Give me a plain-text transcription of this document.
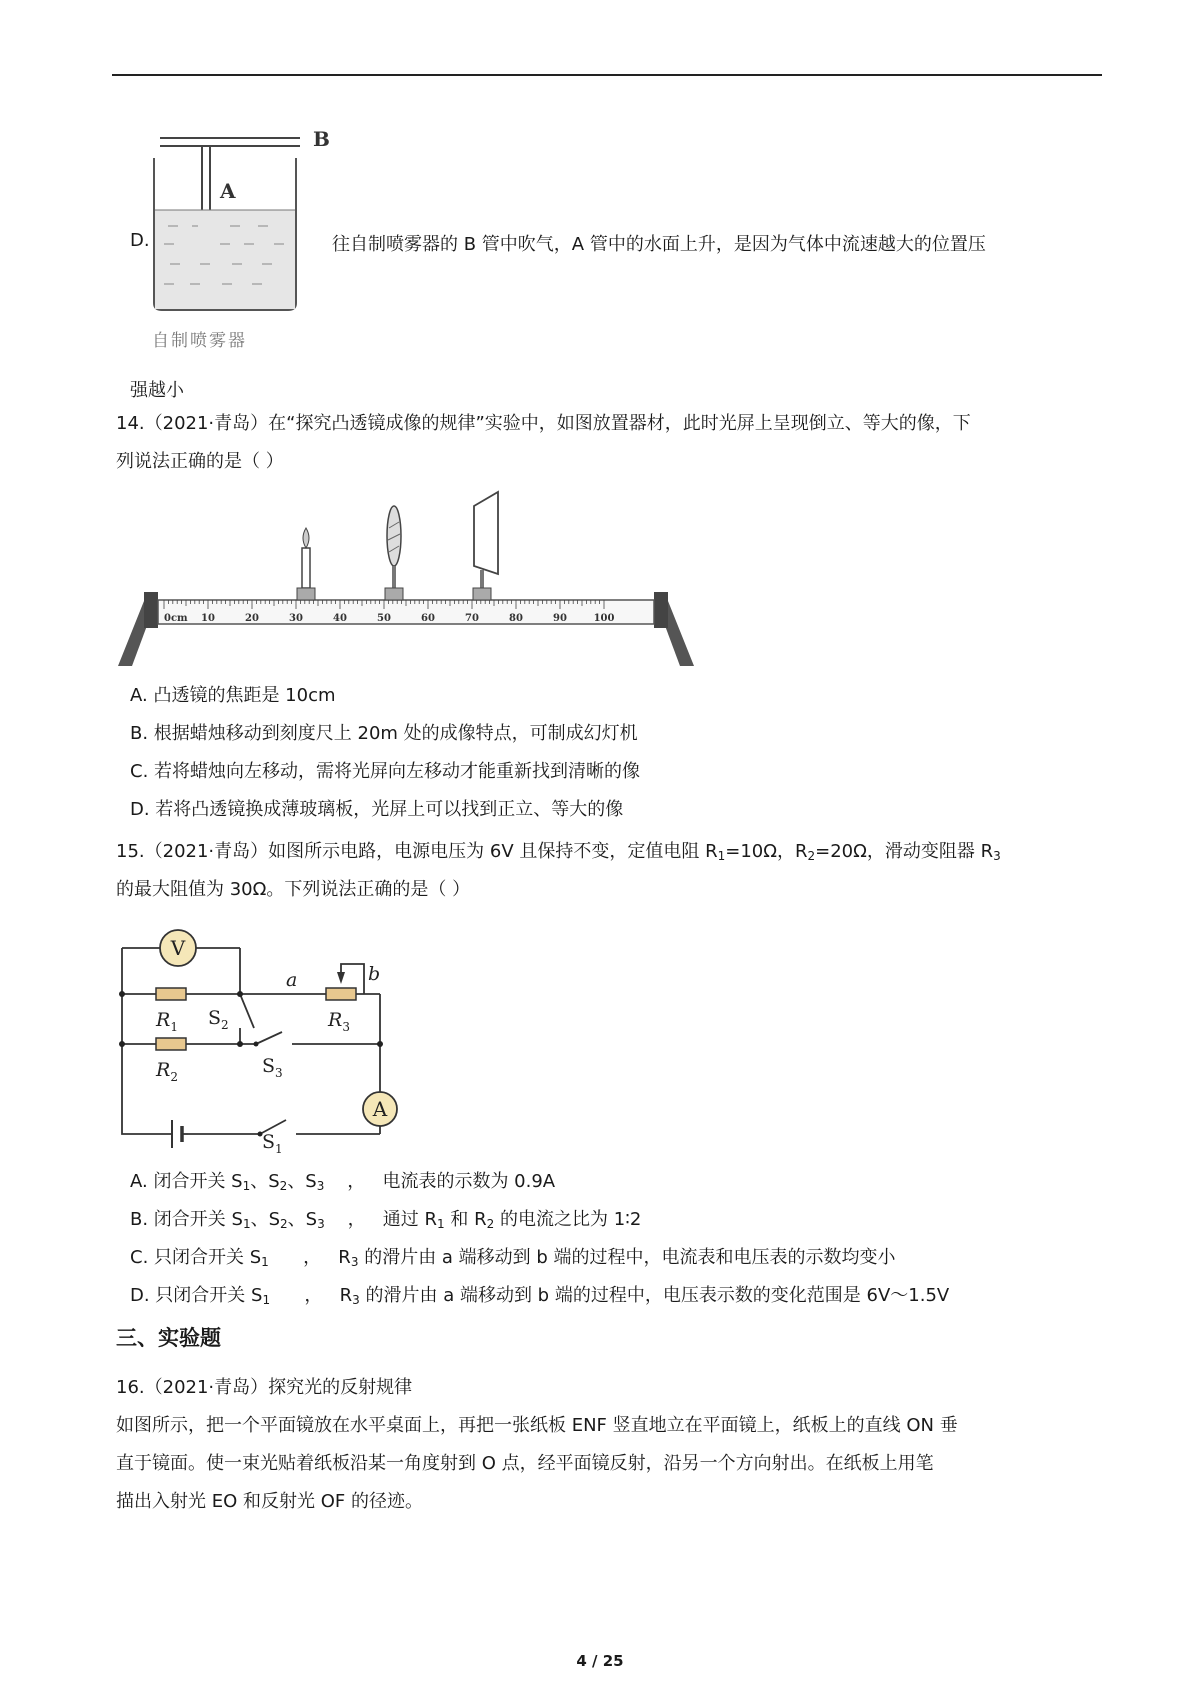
B
A
自制喷雾器
D.	往自制喷雾器的 B 管中吹气，A 管中的水面上升，是因为气体中流速越大的位置压
强越小
14.（2021·青岛）在“探究凸透镜成像的规律”实验中，如图放置器材，此时光屏上呈现倒立、等大的像，下
列说法正确的是（ ）
0cm 10	20	30	40	50	60	70	80	90	100
A. 凸透镜的焦距是 10cm
B. 根据蜡烛移动到刻度尺上 20m 处的成像特点，可制成幻灯机
C. 若将蜡烛向左移动，需将光屏向左移动才能重新找到清晰的像
D. 若将凸透镜换成薄玻璃板，光屏上可以找到正立、等大的像
15.（2021·青岛）如图所示电路，电源电压为 6V 且保持不变，定值电阻 $R_1=10\Omega$，$R_2=20\Omega$，滑动变阻器 $R_3$
的最大阻值为 30Ω。下列说法正确的是（ ）
V
A
$R_1$
$R_2$
$R_3$
$S_2$
$S_3$
$S_1$
a	b
A. 闭合开关 $S_1$、$S_2$、$S_3$    ，   电流表的示数为 0.9A
B. 闭合开关 $S_1$、$S_2$、$S_3$    ，   通过 $R_1$ 和 $R_2$ 的电流之比为 1∶2
C. 只闭合开关 $S_1$      ，   $R_3$ 的滑片由 a 端移动到 b 端的过程中，电流表和电压表的示数均变小
D. 只闭合开关 $S_1$      ，   $R_3$ 的滑片由 a 端移动到 b 端的过程中，电压表示数的变化范围是 6V～1.5V
三、实验题
16.（2021·青岛）探究光的反射规律
如图所示，把一个平面镜放在水平桌面上，再把一张纸板 ENF 竖直地立在平面镜上，纸板上的直线 ON 垂
直于镜面。使一束光贴着纸板沿某一角度射到 O 点，经平面镜反射，沿另一个方向射出。在纸板上用笔
描出入射光 EO 和反射光 OF 的径迹。
4 / 25
